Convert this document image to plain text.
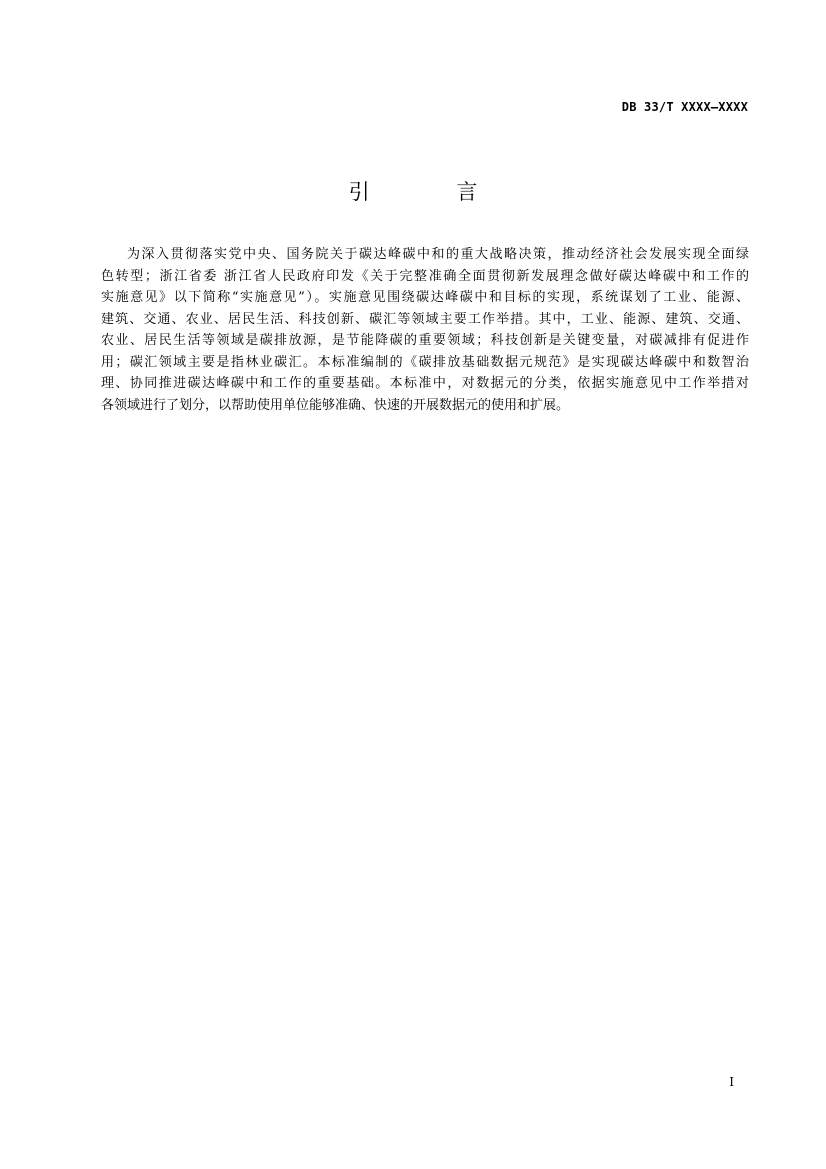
DB 33/T XXXX—XXXX
引 言
为深入贯彻落实党中央、国务院关于碳达峰碳中和的重大战略决策，推动经济社会发展实现全面绿
色转型；浙江省委 浙江省人民政府印发《关于完整准确全面贯彻新发展理念做好碳达峰碳中和工作的
实施意见》以下简称“实施意见”）。实施意见围绕碳达峰碳中和目标的实现，系统谋划了工业、能源、
建筑、交通、农业、居民生活、科技创新、碳汇等领域主要工作举措。其中，工业、能源、建筑、交通、
农业、居民生活等领域是碳排放源，是节能降碳的重要领域；科技创新是关键变量，对碳减排有促进作
用；碳汇领域主要是指林业碳汇。本标准编制的《碳排放基础数据元规范》是实现碳达峰碳中和数智治
理、协同推进碳达峰碳中和工作的重要基础。本标准中，对数据元的分类，依据实施意见中工作举措对
各领域进行了划分，以帮助使用单位能够准确、快速的开展数据元的使用和扩展。
I
